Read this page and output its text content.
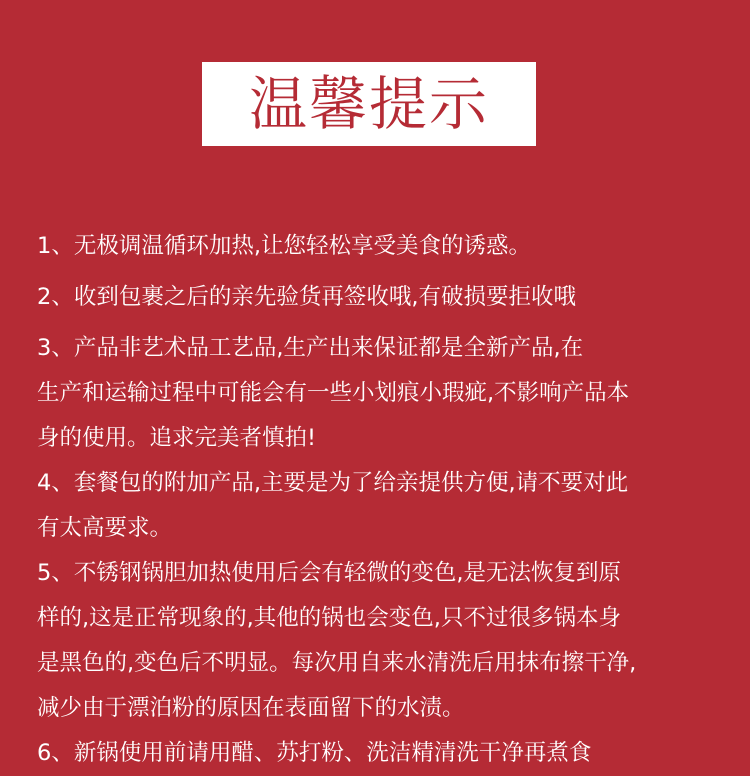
温馨提示
1、无极调温循环加热,让您轻松享受美食的诱惑。
2、收到包裹之后的亲先验货再签收哦,有破损要拒收哦
3、产品非艺术品工艺品,生产出来保证都是全新产品,在
生产和运输过程中可能会有一些小划痕小瑕疵,不影响产品本
身的使用。追求完美者慎拍!
4、套餐包的附加产品,主要是为了给亲提供方便,请不要对此
有太高要求。
5、不锈钢锅胆加热使用后会有轻微的变色,是无法恢复到原
样的,这是正常现象的,其他的锅也会变色,只不过很多锅本身
是黑色的,变色后不明显。每次用自来水清洗后用抹布擦干净,
减少由于漂泊粉的原因在表面留下的水渍。
6、新锅使用前请用醋、苏打粉、洗洁精清洗干净再煮食
